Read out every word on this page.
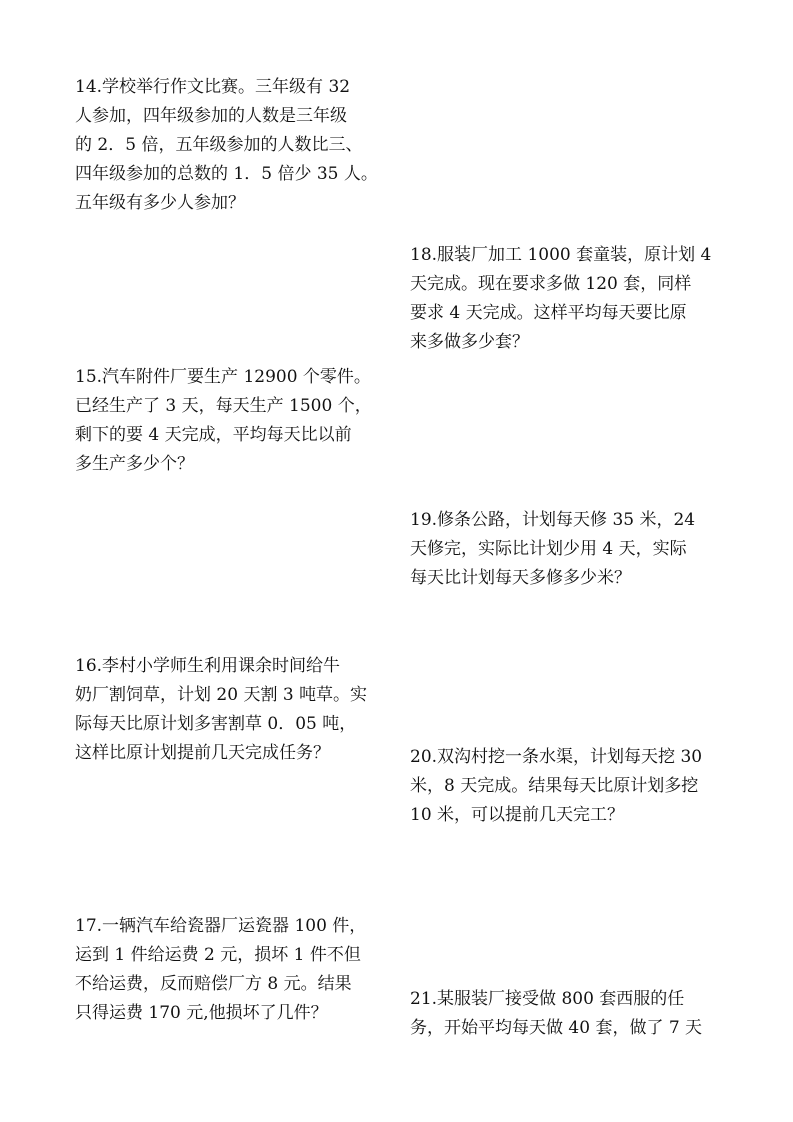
14.学校举行作文比赛。三年级有 32
人参加，四年级参加的人数是三年级
的 2．5 倍，五年级参加的人数比三、
四年级参加的总数的 1．5 倍少 35 人。
五年级有多少人参加？
15.汽车附件厂要生产 12900 个零件。
已经生产了 3 天，每天生产 1500 个，
剩下的要 4 天完成，平均每天比以前
多生产多少个？
16.李村小学师生利用课余时间给牛
奶厂割饲草，计划 20 天割 3 吨草。实
际每天比原计划多害割草 0．05 吨，
这样比原计划提前几天完成任务？
17.一辆汽车给瓷器厂运瓷器 100 件，
运到 1 件给运费 2 元，损坏 1 件不但
不给运费，反而赔偿厂方 8 元。结果
只得运费 170 元,他损坏了几件？
18.服装厂加工 1000 套童装，原计划 4
天完成。现在要求多做 120 套，同样
要求 4 天完成。这样平均每天要比原
来多做多少套？
19.修条公路，计划每天修 35 米，24
天修完，实际比计划少用 4 天，实际
每天比计划每天多修多少米？
20.双沟村挖一条水渠，计划每天挖 30
米，8 天完成。结果每天比原计划多挖
10 米，可以提前几天完工？
21.某服装厂接受做 800 套西服的任
务，开始平均每天做 40 套，做了 7 天
